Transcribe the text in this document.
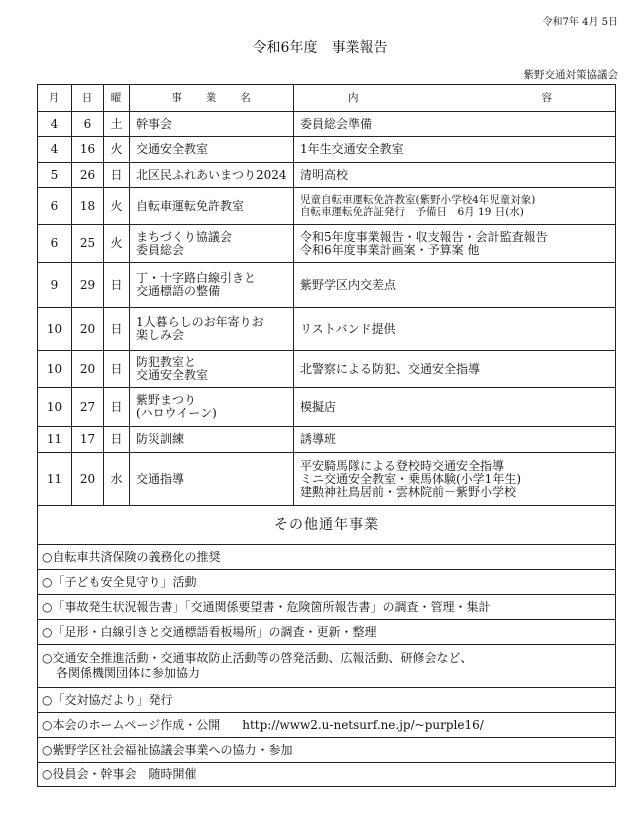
令和7年 4月 5日
令和6年度　事業報告
紫野交通対策協議会
月	日	曜	事　　業　　名	内 容

4	6	土	幹事会	委員総会準備

4	16	火	交通安全教室	1年生交通安全教室

5	26	日	北区民ふれあいまつり2024	清明高校

6	18	火	自転車運転免許教室	児童自転車運転免許教室(紫野小学校4年児童対象)
自転車運転免許証発行　予備日　6月 19 日(水)

6	25	火	まちづくり協議会
委員総会	令和5年度事業報告・収支報告・会計監査報告
令和6年度事業計画案・予算案 他

9	29	日	丁・十字路白線引きと
交通標語の整備	紫野学区内交差点

10	20	日	1人暮らしのお年寄りお
楽しみ会	リストバンド提供

10	20	日	防犯教室と
交通安全教室	北警察による防犯、交通安全指導

10	27	日	紫野まつり
(ハロウイーン)	模擬店

11	17	日	防災訓練	誘導班

11	20	水	交通指導	平安騎馬隊による登校時交通安全指導
ミニ交通安全教室・乗馬体験(小学1年生)
建勲神社鳥居前・雲林院前－紫野小学校

その他通年事業				
○自転車共済保険の義務化の推奨				
○「子ども安全見守り」活動				
○「事故発生状況報告書」「交通関係要望書・危険箇所報告書」の調査・管理・集計				
○「足形・白線引きと交通標語看板場所」の調査・更新・整理				

○交通安全推進活動・交通事故防止活動等の啓発活動、広報活動、研修会など、
各関係機関団体に参加協力				

○「交対協だより」発行				
○本会のホームページ作成・公開 http://www2.u-netsurf.ne.jp/~purple16/				
○紫野学区社会福祉協議会事業への協力・参加				
○役員会・幹事会　随時開催				
